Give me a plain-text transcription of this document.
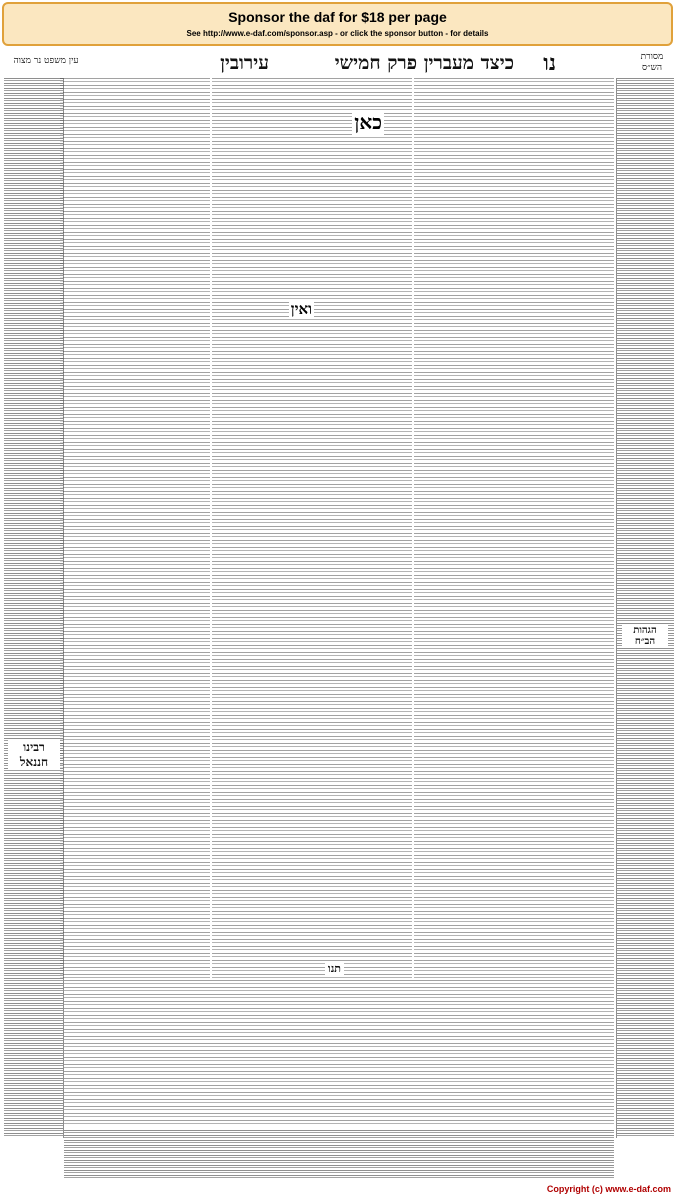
Sponsor the daf for $18 per page
See http://www.e-daf.com/sponsor.asp - or click the sponsor button - for details
מסורת הש״ס
נו
כיצד מעברין פרק חמישי
עירובין
עין משפט נר מצוה
כאן
ואין
רבינו חננאל
הגהות הב״ח
תנו
Copyright (c) www.e-daf.com
